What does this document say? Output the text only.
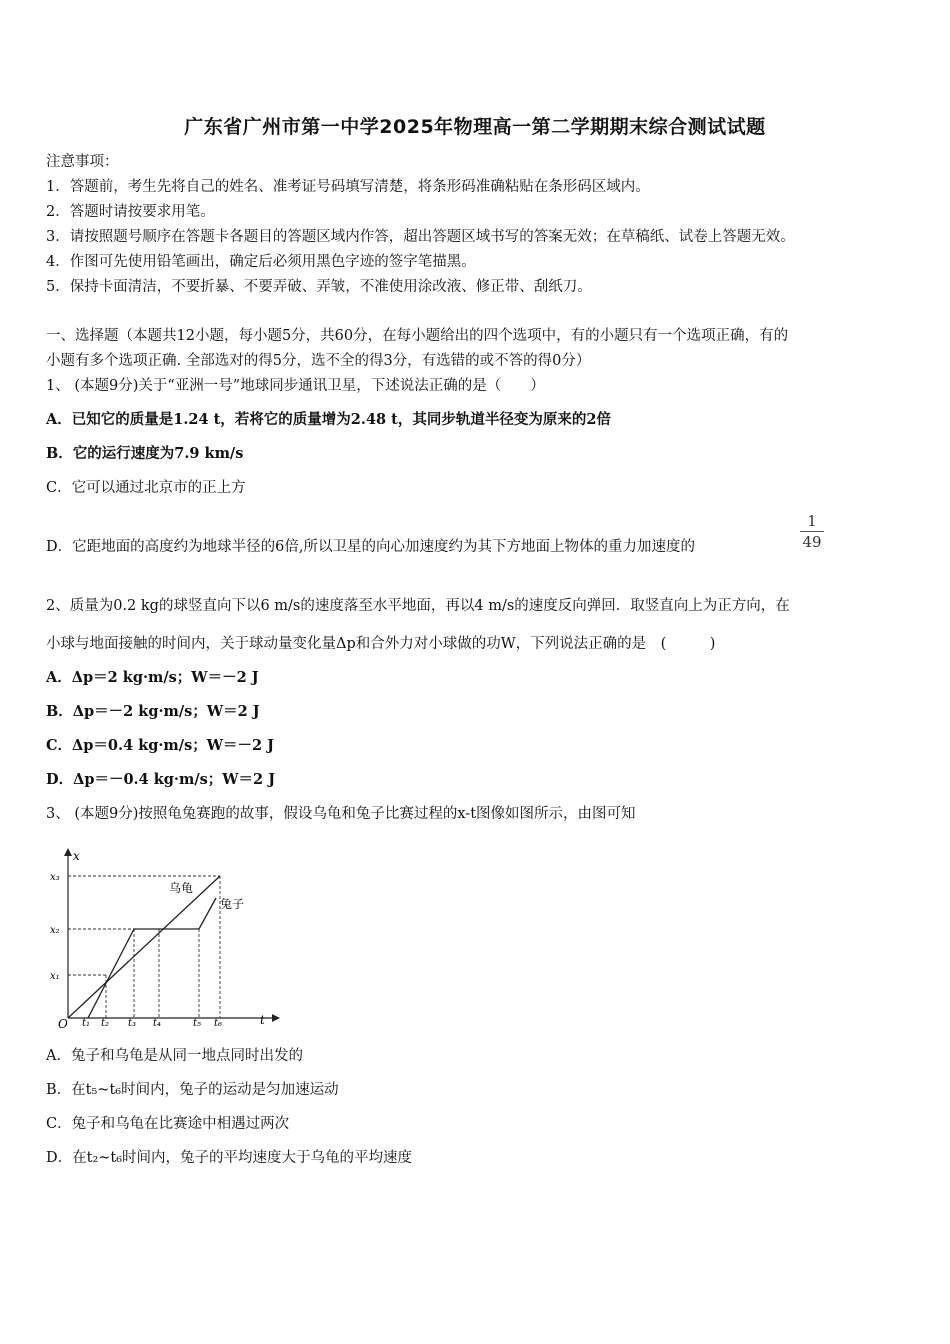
广东省广州市第一中学2025年物理高一第二学期期末综合测试试题
注意事项：
1．答题前，考生先将自己的姓名、准考证号码填写清楚，将条形码准确粘贴在条形码区域内。
2．答题时请按要求用笔。
3．请按照题号顺序在答题卡各题目的答题区域内作答，超出答题区域书写的答案无效；在草稿纸、试卷上答题无效。
4．作图可先使用铅笔画出，确定后必须用黑色字迹的签字笔描黑。
5．保持卡面清洁，不要折暴、不要弄破、弄皱，不准使用涂改液、修正带、刮纸刀。
一、选择题（本题共12小题，每小题5分，共60分，在每小题给出的四个选项中，有的小题只有一个选项正确，有的
小题有多个选项正确. 全部选对的得5分，选不全的得3分，有选错的或不答的得0分）
1、 (本题9分)关于“亚洲一号”地球同步通讯卫星，下述说法正确的是（　　）
A．已知它的质量是1.24 t，若将它的质量增为2.48 t，其同步轨道半径变为原来的2倍
B．它的运行速度为7.9 km/s
C．它可以通过北京市的正上方
D．它距地面的高度约为地球半径的6倍,所以卫星的向心加速度约为其下方地面上物体的重力加速度的
1
49
2、质量为0.2 kg的球竖直向下以6 m/s的速度落至水平地面，再以4 m/s的速度反向弹回．取竖直向上为正方向，在
小球与地面接触的时间内，关于球动量变化量Δp和合外力对小球做的功W，下列说法正确的是　(　　　)
A．Δp＝2 kg·m/s；W＝－2 J
B．Δp＝－2 kg·m/s；W＝2 J
C．Δp＝0.4 kg·m/s；W＝－2 J
D．Δp＝－0.4 kg·m/s；W＝2 J
3、 (本题9分)按照龟兔赛跑的故事，假设乌龟和兔子比赛过程的x-t图像如图所示，由图可知
x
t
O
x₃
x₂
x₁
t₁ t₂ t₃ t₄	t₅ t₆
乌龟
兔子
A．兔子和乌龟是从同一地点同时出发的
B．在t₅~t₆时间内，兔子的运动是匀加速运动
C．兔子和乌龟在比赛途中相遇过两次
D．在t₂~t₆时间内，兔子的平均速度大于乌龟的平均速度
